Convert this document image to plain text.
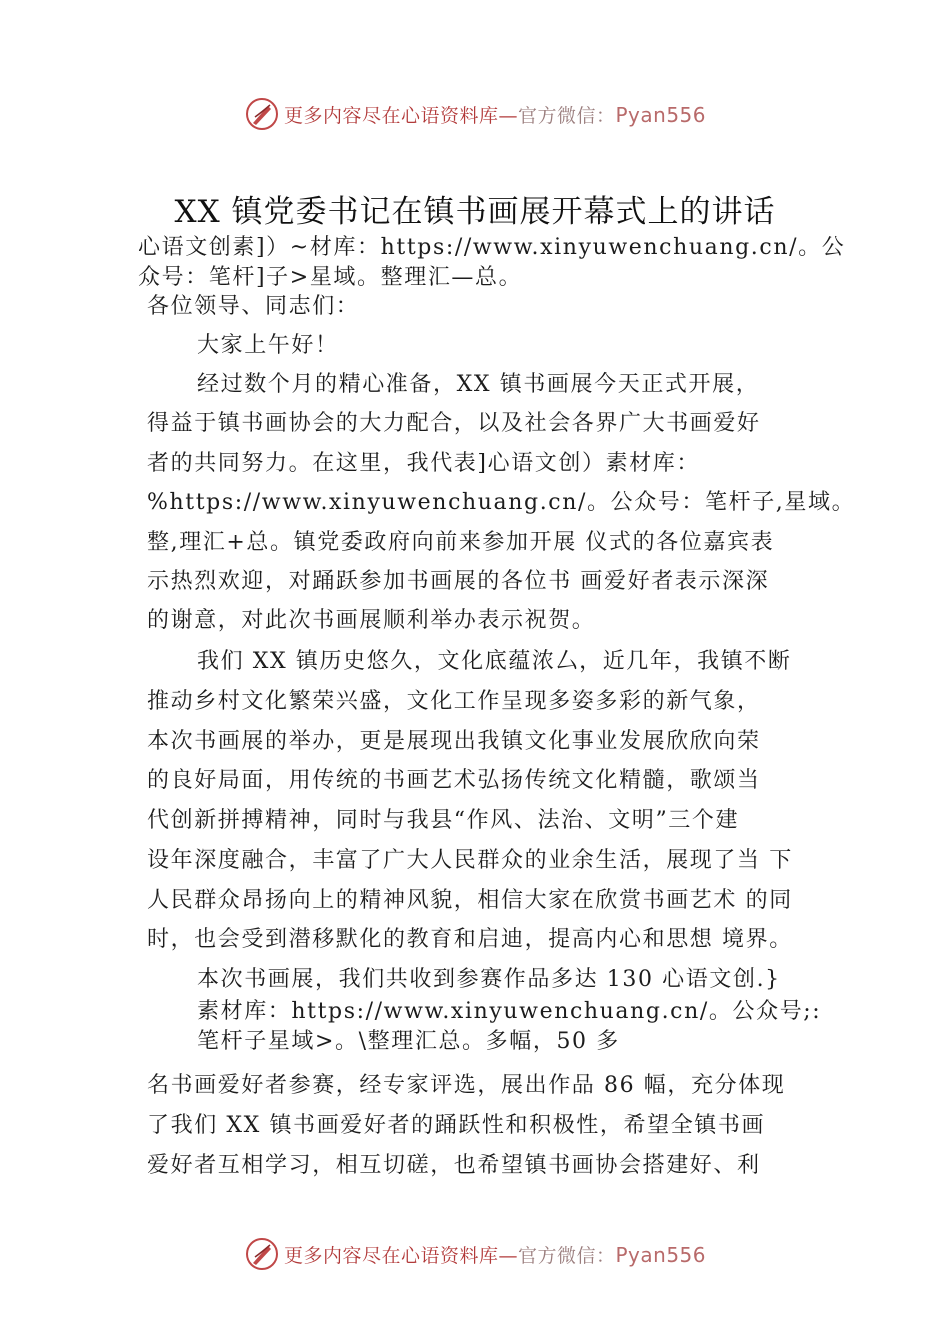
更多内容尽在心语资料库—官方微信：Pyan556
XX 镇党委书记在镇书画展开幕式上的讲话
心语文创素]）~材库：https://www.xinyuwenchuang.cn/。公
众号：笔杆]子>星域。整理汇—总。
各位领导、同志们：
大家上午好！
经过数个月的精心准备，XX 镇书画展今天正式开展，
得益于镇书画协会的大力配合，以及社会各界广大书画爱好
者的共同努力。在这里，我代表]心语文创）素材库：
%https://www.xinyuwenchuang.cn/。公众号：笔杆子,星域。
整,理汇+总。镇党委政府向前来参加开展 仪式的各位嘉宾表
示热烈欢迎，对踊跃参加书画展的各位书 画爱好者表示深深
的谢意，对此次书画展顺利举办表示祝贺。
我们 XX 镇历史悠久，文化底蕴浓厶，近几年，我镇不断
推动乡村文化繁荣兴盛，文化工作呈现多姿多彩的新气象，
本次书画展的举办，更是展现出我镇文化事业发展欣欣向荣
的良好局面，用传统的书画艺术弘扬传统文化精髓，歌颂当
代创新拼搏精神，同时与我县“作风、法治、文明”三个建
设年深度融合，丰富了广大人民群众的业余生活，展现了当 下
人民群众昂扬向上的精神风貌，相信大家在欣赏书画艺术 的同
时，也会受到潜移默化的教育和启迪，提高内心和思想 境界。
本次书画展，我们共收到参赛作品多达 130 心语文创.}
素材库：https://www.xinyuwenchuang.cn/。公众号;:
笔杆子星域>。\整理汇总。多幅，50 多
名书画爱好者参赛，经专家评选，展出作品 86 幅，充分体现
了我们 XX 镇书画爱好者的踊跃性和积极性，希望全镇书画
爱好者互相学习，相互切磋，也希望镇书画协会搭建好、利
更多内容尽在心语资料库—官方微信：Pyan556
